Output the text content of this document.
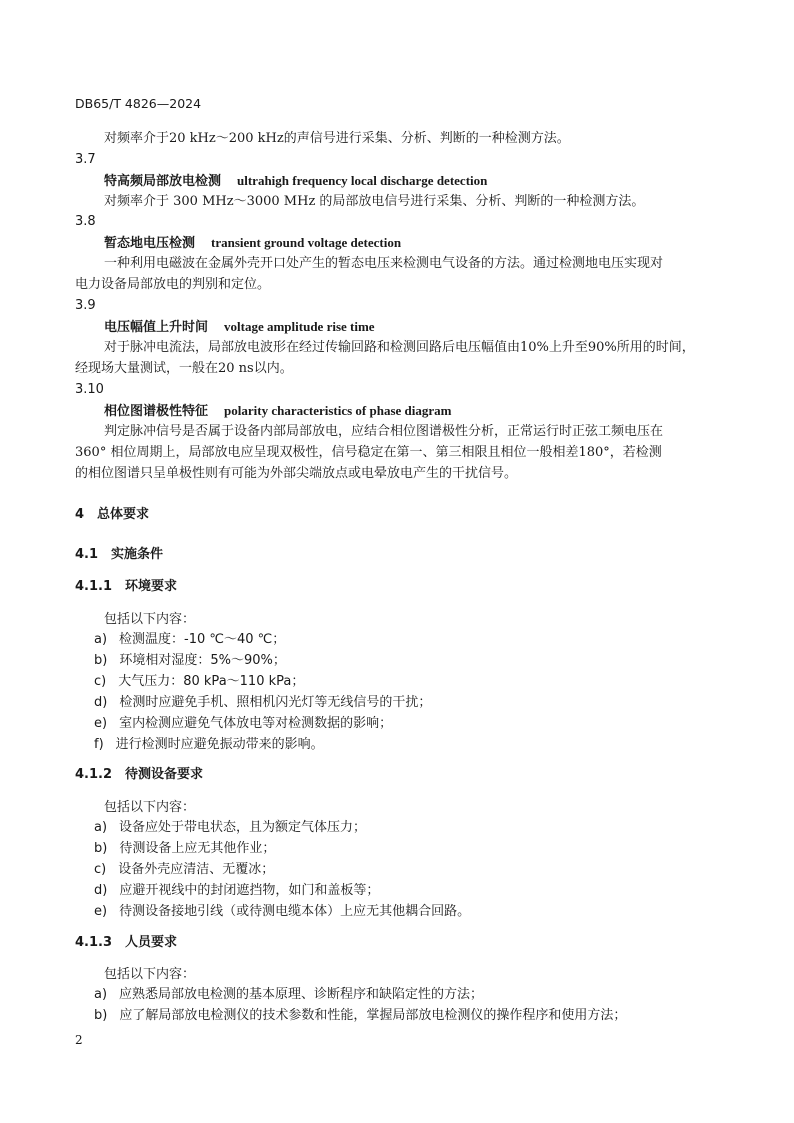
DB65/T 4826—2024
对频率介于20 kHz～200 kHz的声信号进行采集、分析、判断的一种检测方法。
3.7
特高频局部放电检测 ultrahigh frequency local discharge detection
对频率介于 300 MHz～3000 MHz 的局部放电信号进行采集、分析、判断的一种检测方法。
3.8
暂态地电压检测 transient ground voltage detection
一种利用电磁波在金属外壳开口处产生的暂态电压来检测电气设备的方法。通过检测地电压实现对
电力设备局部放电的判别和定位。
3.9
电压幅值上升时间 voltage amplitude rise time
对于脉冲电流法，局部放电波形在经过传输回路和检测回路后电压幅值由10%上升至90%所用的时间，
经现场大量测试，一般在20 ns以内。
3.10
相位图谱极性特征 polarity characteristics of phase diagram
判定脉冲信号是否属于设备内部局部放电，应结合相位图谱极性分析，正常运行时正弦工频电压在
360° 相位周期上，局部放电应呈现双极性，信号稳定在第一、第三相限且相位一般相差180°，若检测
的相位图谱只呈单极性则有可能为外部尖端放点或电晕放电产生的干扰信号。
4　总体要求
4.1　实施条件
4.1.1　环境要求
包括以下内容：
a) 检测温度：-10 ℃～40 ℃；
b) 环境相对湿度：5%～90%；
c) 大气压力：80 kPa～110 kPa；
d) 检测时应避免手机、照相机闪光灯等无线信号的干扰；
e) 室内检测应避免气体放电等对检测数据的影响；
f) 进行检测时应避免振动带来的影响。
4.1.2　待测设备要求
包括以下内容：
a) 设备应处于带电状态，且为额定气体压力；
b) 待测设备上应无其他作业；
c) 设备外壳应清洁、无覆冰；
d) 应避开视线中的封闭遮挡物，如门和盖板等；
e) 待测设备接地引线（或待测电缆本体）上应无其他耦合回路。
4.1.3　人员要求
包括以下内容：
a) 应熟悉局部放电检测的基本原理、诊断程序和缺陷定性的方法；
b) 应了解局部放电检测仪的技术参数和性能，掌握局部放电检测仪的操作程序和使用方法；
2
